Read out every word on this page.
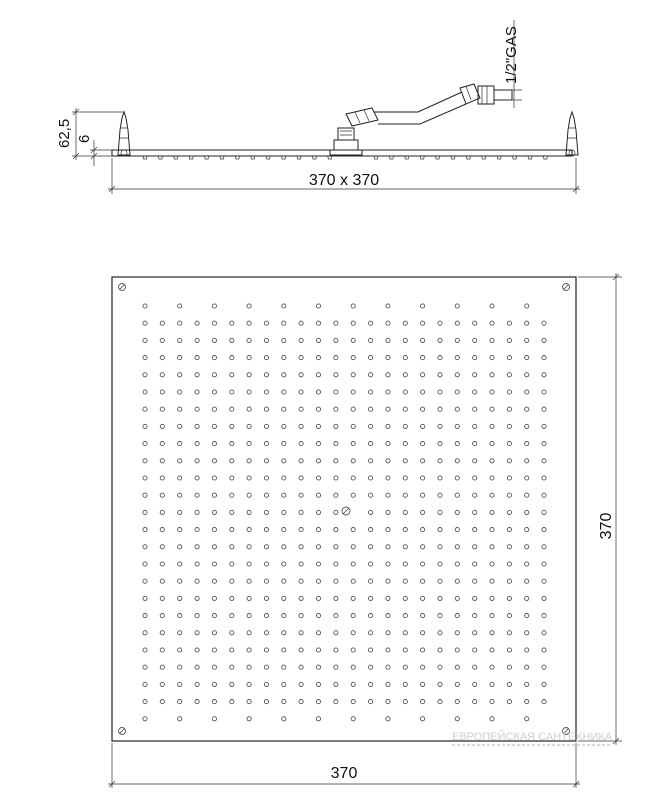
1/2"GAS
62,5 6
370 x 370
370
370
ЕВРОПЕЙСКАЯ САНТЕХНИКА
